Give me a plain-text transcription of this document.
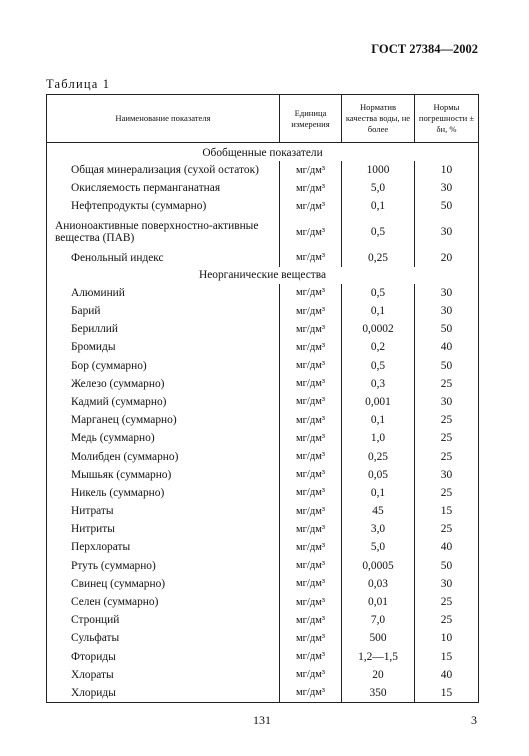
ГОСТ 27384—2002
Таблица 1
Наименование показателя	Единица измерения	Норматив качества воды, не более	Нормы погрешности ± δн, %
Обобщенные показатели			
Общая минерализация (сухой остаток)	мг/дм³	1000	10
Окисляемость перманганатная	мг/дм³	5,0	30
Нефтепродукты (суммарно)	мг/дм³	0,1	50
Анионоактивные поверхностно-активные вещества (ПАВ)	мг/дм³	0,5	30
Фенольный индекс	мг/дм³	0,25	20
Неорганические вещества			
Алюминий	мг/дм³	0,5	30
Барий	мг/дм³	0,1	30
Бериллий	мг/дм³	0,0002	50
Бромиды	мг/дм³	0,2	40
Бор (суммарно)	мг/дм³	0,5	50
Железо (суммарно)	мг/дм³	0,3	25
Кадмий (суммарно)	мг/дм³	0,001	30
Марганец (суммарно)	мг/дм³	0,1	25
Медь (суммарно)	мг/дм³	1,0	25
Молибден (суммарно)	мг/дм³	0,25	25
Мышьяк (суммарно)	мг/дм³	0,05	30
Никель (суммарно)	мг/дм³	0,1	25
Нитраты	мг/дм³	45	15
Нитриты	мг/дм³	3,0	25
Перхлораты	мг/дм³	5,0	40
Ртуть (суммарно)	мг/дм³	0,0005	50
Свинец (суммарно)	мг/дм³	0,03	30
Селен (суммарно)	мг/дм³	0,01	25
Стронций	мг/дм³	7,0	25
Сульфаты	мг/дм³	500	10
Фториды	мг/дм³	1,2—1,5	15
Хлораты	мг/дм³	20	40
Хлориды	мг/дм³	350	15
131	3
